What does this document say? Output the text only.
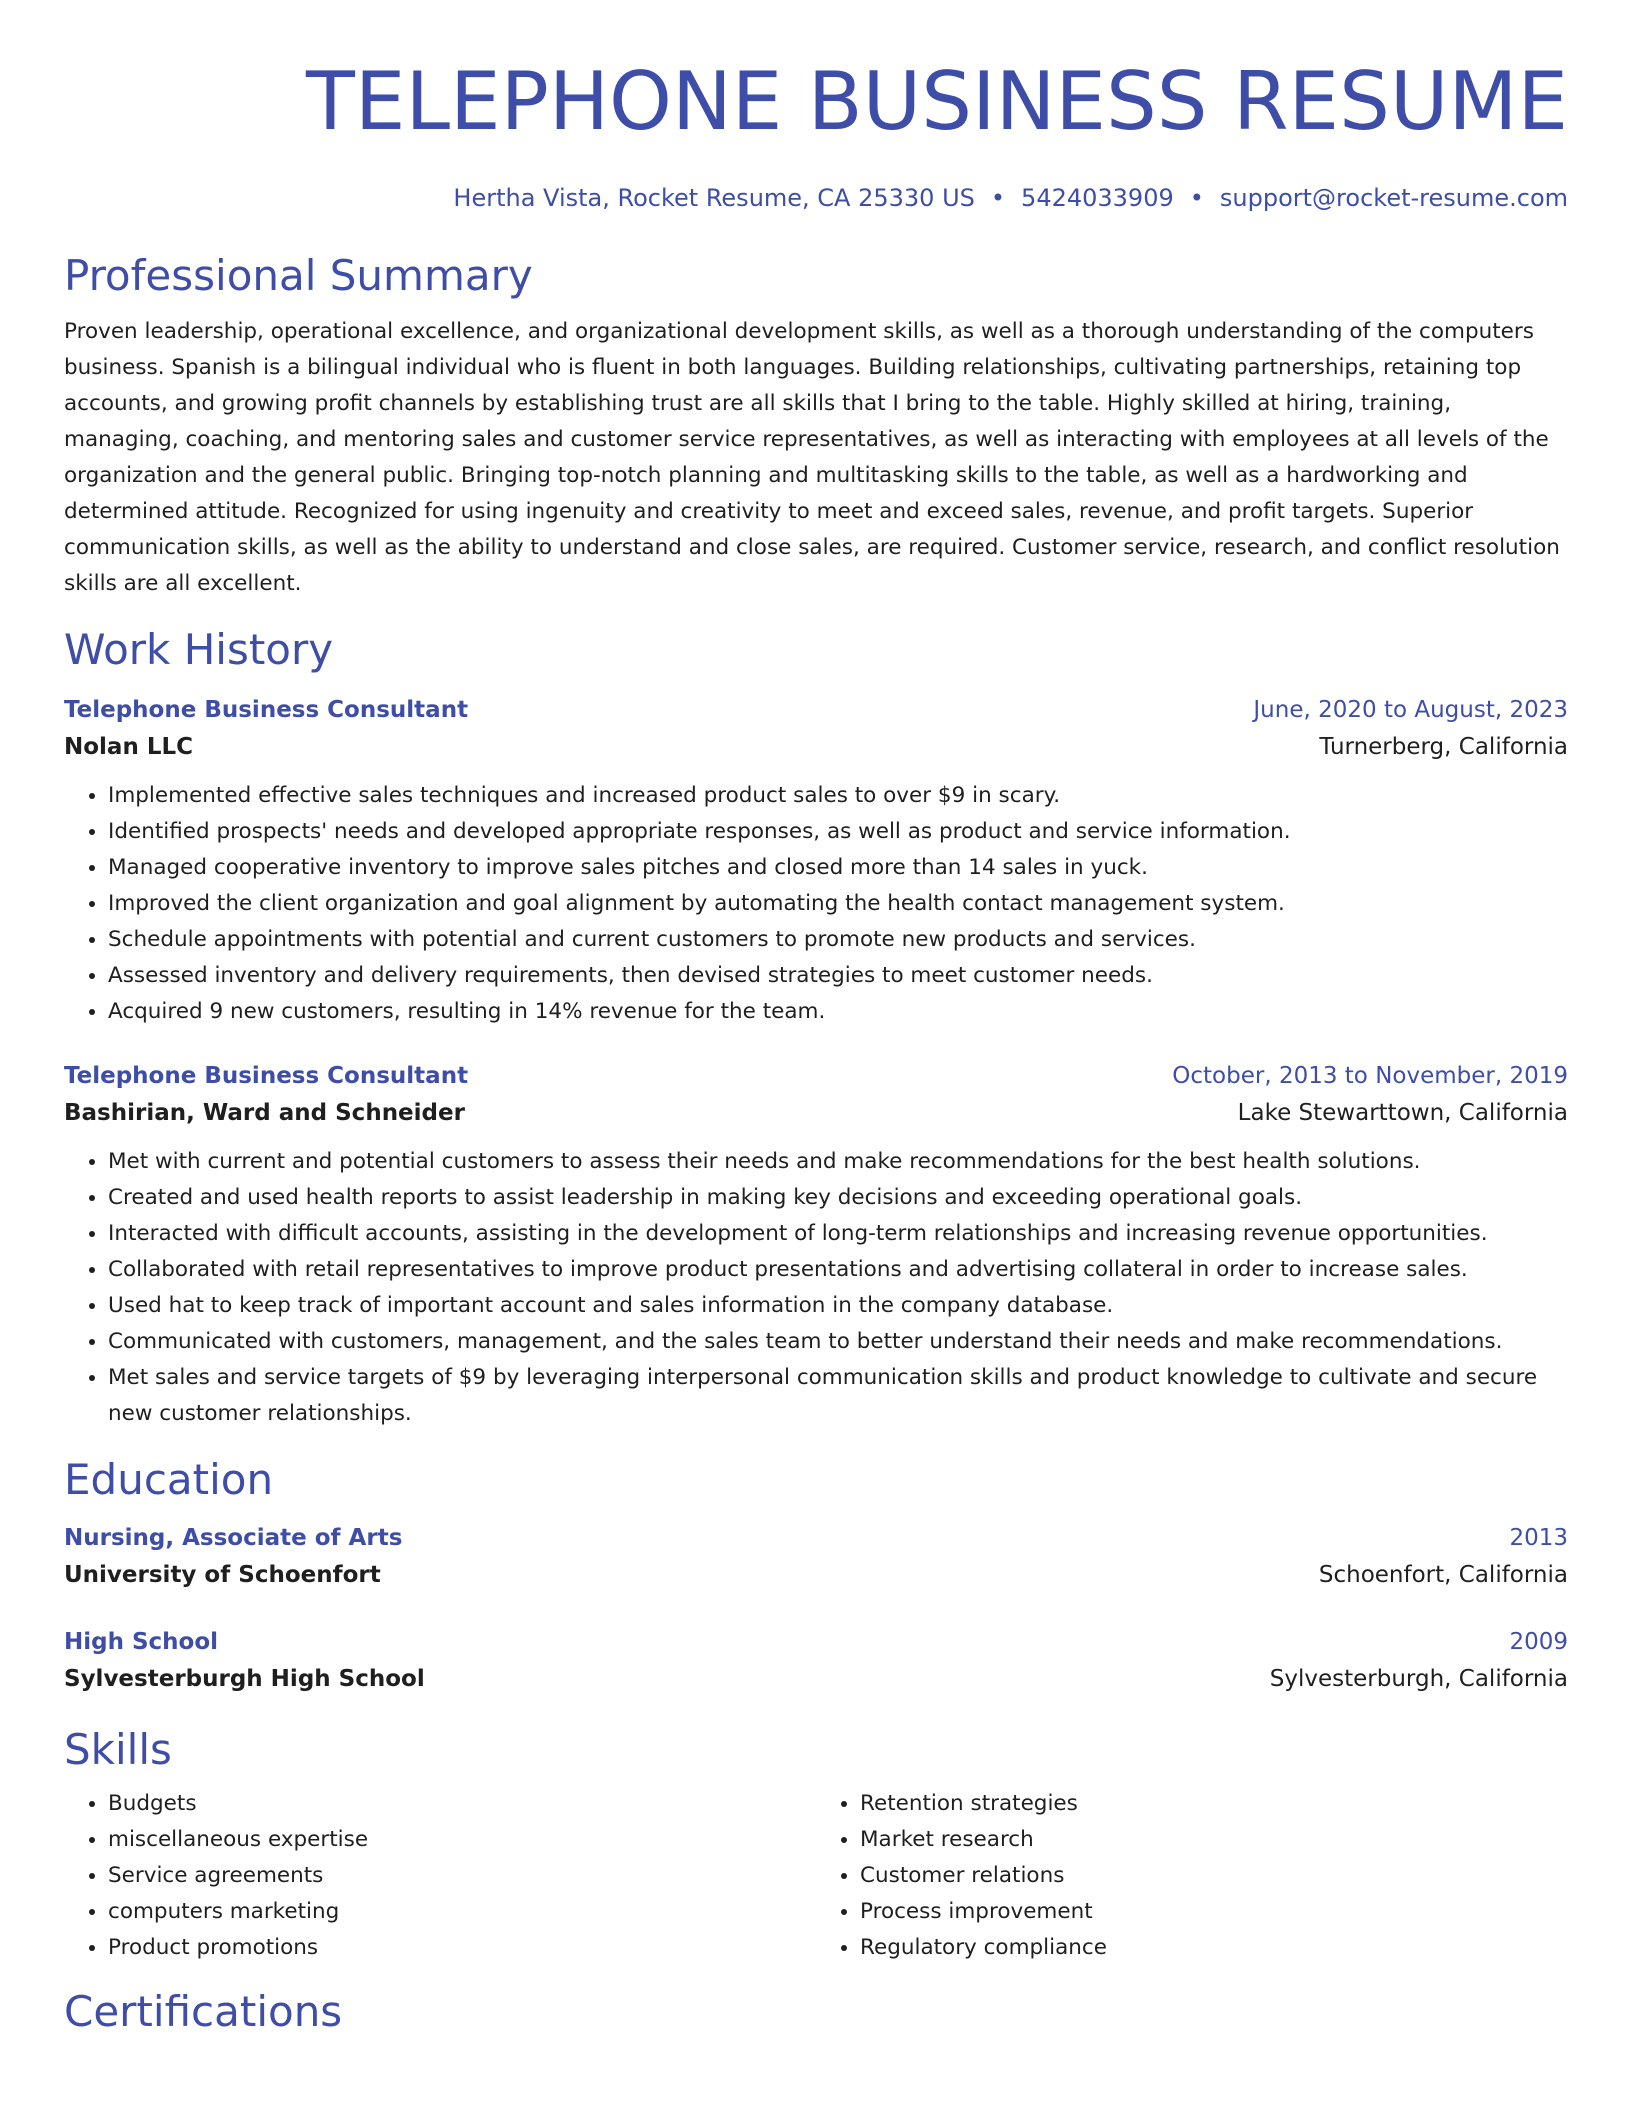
TELEPHONE BUSINESS RESUME
Hertha Vista, Rocket Resume, CA 25330 US • 5424033909 • support@rocket-resume.com
Professional Summary
Proven leadership, operational excellence, and organizational development skills, as well as a thorough understanding of the computers business. Spanish is a bilingual individual who is fluent in both languages. Building relationships, cultivating partnerships, retaining top accounts, and growing profit channels by establishing trust are all skills that I bring to the table. Highly skilled at hiring, training, managing, coaching, and mentoring sales and customer service representatives, as well as interacting with employees at all levels of the organization and the general public. Bringing top-notch planning and multitasking skills to the table, as well as a hardworking and determined attitude. Recognized for using ingenuity and creativity to meet and exceed sales, revenue, and profit targets. Superior communication skills, as well as the ability to understand and close sales, are required. Customer service, research, and conflict resolution skills are all excellent.
Work History
Telephone Business Consultant	June, 2020 to August, 2023
Nolan LLC	Turnerberg, California
• Implemented effective sales techniques and increased product sales to over $9 in scary.
• Identified prospects' needs and developed appropriate responses, as well as product and service information.
• Managed cooperative inventory to improve sales pitches and closed more than 14 sales in yuck.
• Improved the client organization and goal alignment by automating the health contact management system.
• Schedule appointments with potential and current customers to promote new products and services.
• Assessed inventory and delivery requirements, then devised strategies to meet customer needs.
• Acquired 9 new customers, resulting in 14% revenue for the team.
Telephone Business Consultant	October, 2013 to November, 2019
Bashirian, Ward and Schneider	Lake Stewarttown, California
• Met with current and potential customers to assess their needs and make recommendations for the best health solutions.
• Created and used health reports to assist leadership in making key decisions and exceeding operational goals.
• Interacted with difficult accounts, assisting in the development of long-term relationships and increasing revenue opportunities.
• Collaborated with retail representatives to improve product presentations and advertising collateral in order to increase sales.
• Used hat to keep track of important account and sales information in the company database.
• Communicated with customers, management, and the sales team to better understand their needs and make recommendations.
• Met sales and service targets of $9 by leveraging interpersonal communication skills and product knowledge to cultivate and secure new customer relationships.
Education
Nursing, Associate of Arts	2013
University of Schoenfort	Schoenfort, California
High School	2009
Sylvesterburgh High School	Sylvesterburgh, California
Skills
• Budgets
• miscellaneous expertise
• Service agreements
• computers marketing
• Product promotions
• Retention strategies
• Market research
• Customer relations
• Process improvement
• Regulatory compliance
Certifications
